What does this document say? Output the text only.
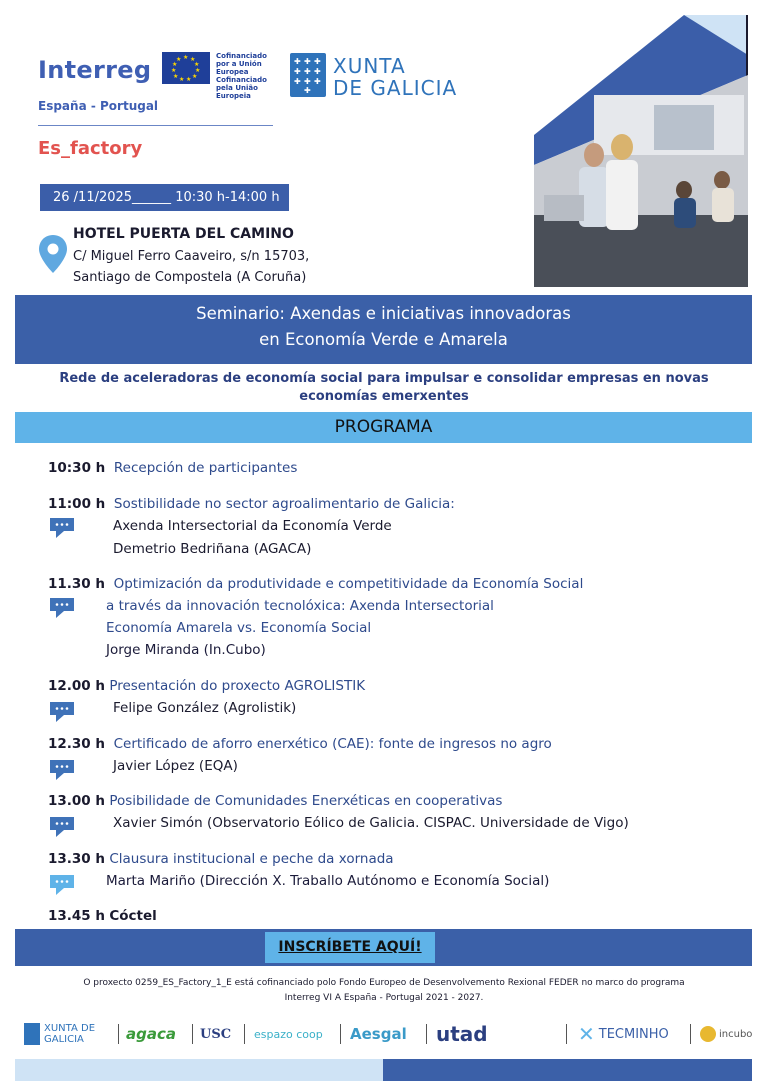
Interreg	★ ★
★
★
★
★
★
★
★
★
★	Cofinanciado por a Unión Europea Cofinanciado pela União Europeia
España - Portugal
Es_factory
✚ ✚ ✚
✚ ✚ ✚
✚ ✚ ✚
✚
XUNTA
DE GALICIA
26 /11/2025______ 10:30 h-14:00 h
HOTEL PUERTA DEL CAMINO
C/ Miguel Ferro Caaveiro, s/n 15703,
Santiago de Compostela (A Coruña)
Seminario: Axendas e iniciativas innovadoras
en Economía Verde e Amarela
Rede de aceleradoras de economía social para impulsar e consolidar empresas en novas
economías emerxentes
PROGRAMA
10:30 h Recepción de participantes
11:00 h Sostibilidade no sector agroalimentario de Galicia:
Axenda Intersectorial da Economía Verde
Demetrio Bedriñana (AGACA)
11.30 h Optimización da produtividade e competitividade da Economía Social
a través da innovación tecnolóxica: Axenda Intersectorial
Economía Amarela vs. Economía Social
Jorge Miranda (In.Cubo)
12.00 h Presentación do proxecto AGROLISTIK
Felipe González (Agrolistik)
12.30 h Certificado de aforro enerxético (CAE): fonte de ingresos no agro
Javier López (EQA)
13.00 h Posibilidade de Comunidades Enerxéticas en cooperativas
Xavier Simón (Observatorio Eólico de Galicia. CISPAC. Universidade de Vigo)
13.30 h Clausura institucional e peche da xornada
Marta Mariño (Dirección X. Traballo Autónomo e Economía Social)
13.45 h Cóctel
INSCRÍBETE AQUÍ!
O proxecto 0259_ES_Factory_1_E está cofinanciado polo Fondo Europeo de Desenvolvemento Rexional FEDER no marco do programa
Interreg VI A España - Portugal 2021 - 2027.
XUNTA DE GALICIA	agaca USC espazo coop Aesgal utad	✕ TECMINHO	incubo
